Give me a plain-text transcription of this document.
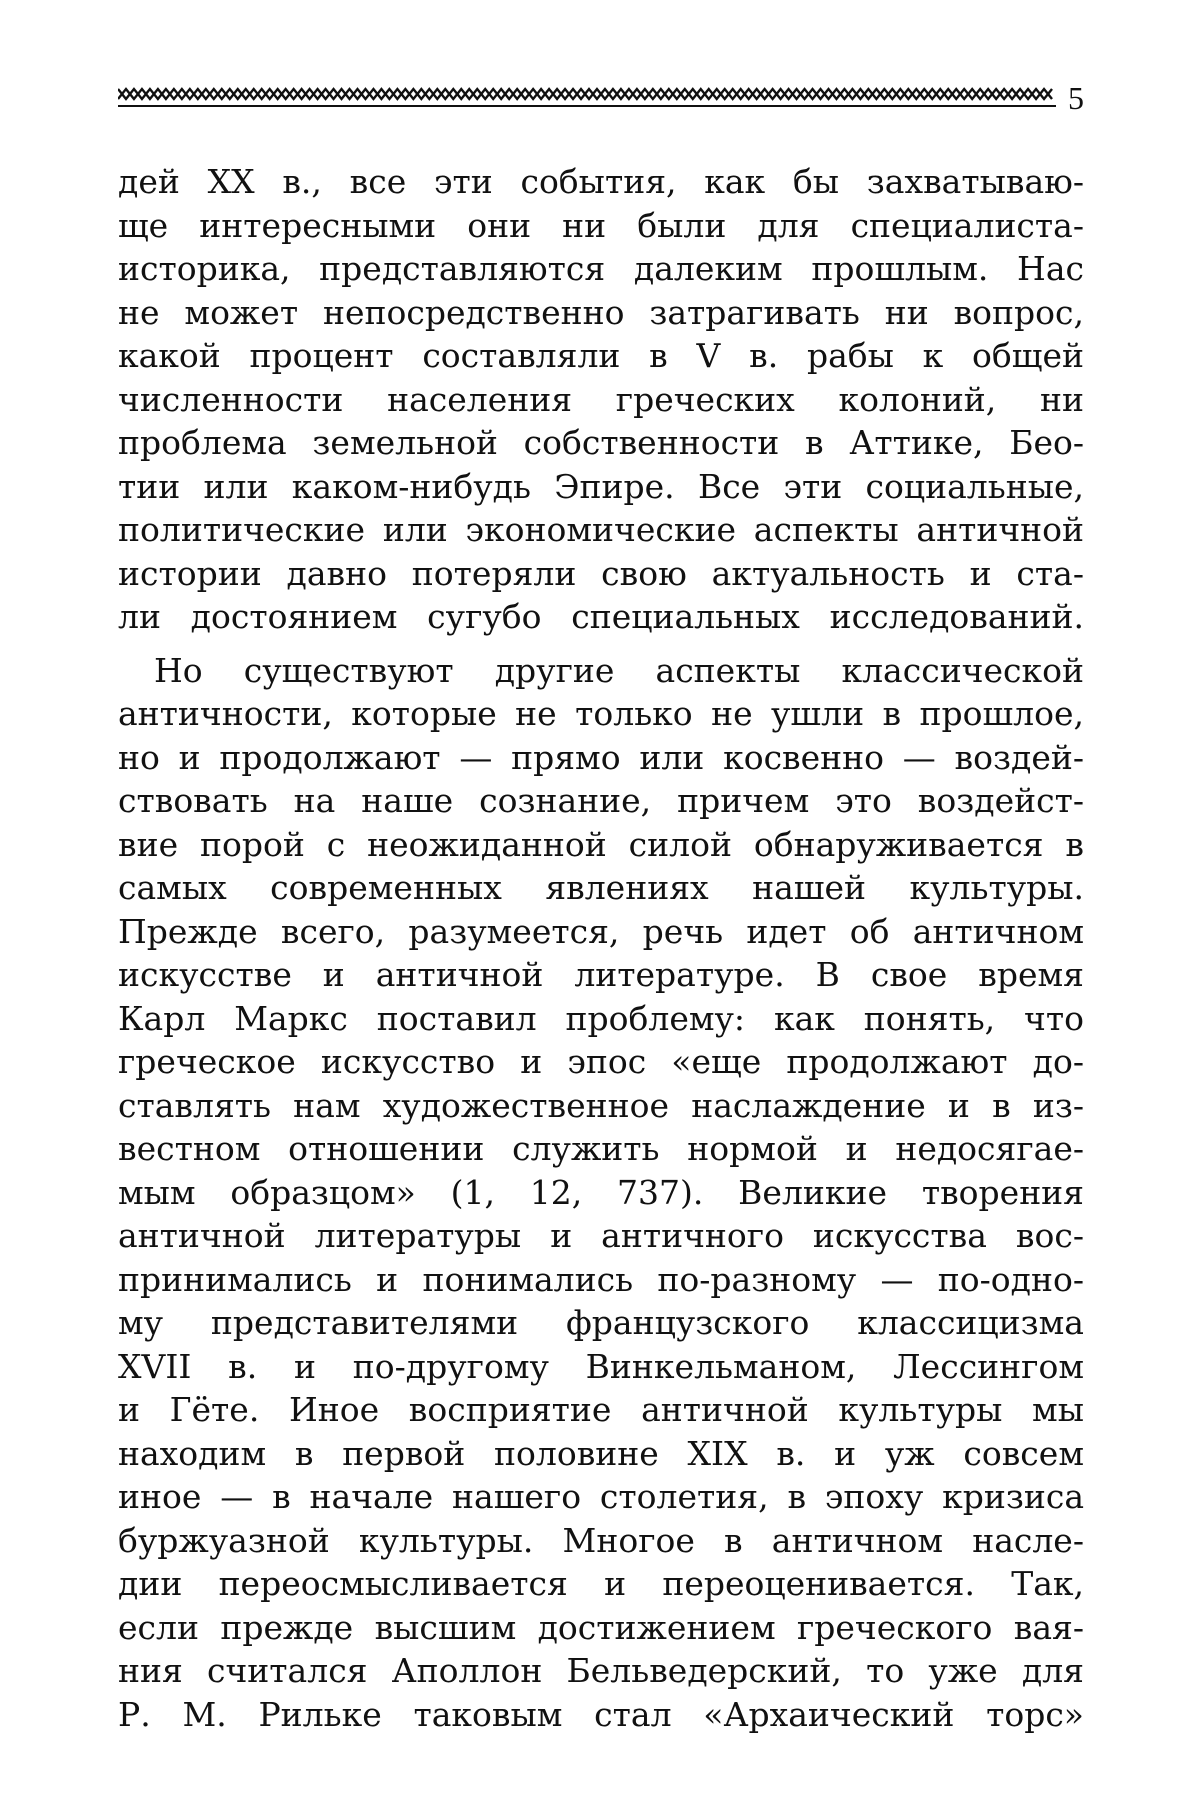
5
дей XX в., все эти события, как бы захватываю-
ще интересными они ни были для специалиста-
историка, представляются далеким прошлым. Нас
не может непосредственно затрагивать ни вопрос,
какой процент составляли в V в. рабы к общей
численности населения греческих колоний, ни
проблема земельной собственности в Аттике, Бео-
тии или каком-нибудь Эпире. Все эти социальные,
политические или экономические аспекты античной
истории давно потеряли свою актуальность и ста-
ли достоянием сугубо специальных исследований.
Но существуют другие аспекты классической
античности, которые не только не ушли в прошлое,
но и продолжают — прямо или косвенно — воздей-
ствовать на наше сознание, причем это воздейст-
вие порой с неожиданной силой обнаруживается в
самых современных явлениях нашей культуры.
Прежде всего, разумеется, речь идет об античном
искусстве и античной литературе. В свое время
Карл Маркс поставил проблему: как понять, что
греческое искусство и эпос «еще продолжают до-
ставлять нам художественное наслаждение и в из-
вестном отношении служить нормой и недосягае-
мым образцом» (1, 12, 737). Великие творения
античной литературы и античного искусства вос-
принимались и понимались по-разному — по-одно-
му представителями французского классицизма
XVII в. и по-другому Винкельманом, Лессингом
и Гёте. Иное восприятие античной культуры мы
находим в первой половине XIX в. и уж совсем
иное — в начале нашего столетия, в эпоху кризиса
буржуазной культуры. Многое в античном насле-
дии переосмысливается и переоценивается. Так,
если прежде высшим достижением греческого вая-
ния считался Аполлон Бельведерский, то уже для
Р. М. Рильке таковым стал «Архаический торс»
